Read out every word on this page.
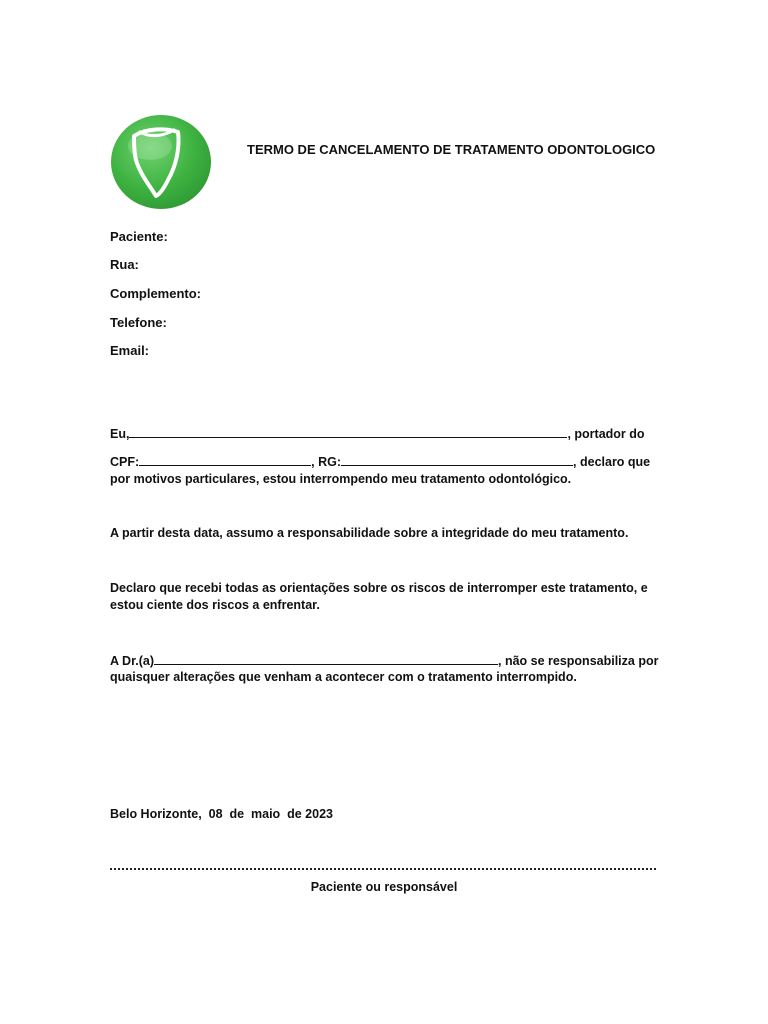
TERMO DE CANCELAMENTO DE TRATAMENTO ODONTOLOGICO
Paciente:
Rua:
Complemento:
Telefone:
Email:
Eu,	, portador do
CPF:	, RG:	, declaro que
por motivos particulares, estou interrompendo meu tratamento odontológico.
A partir desta data, assumo a responsabilidade sobre a integridade do meu tratamento.
Declaro que recebi todas as orientações sobre os riscos de interromper este tratamento, e
estou ciente dos riscos a enfrentar.
A Dr.(a)	, não se responsabiliza por
quaisquer alterações que venham a acontecer com o tratamento interrompido.
Belo Horizonte,  08  de  maio  de 2023
Paciente ou responsável
